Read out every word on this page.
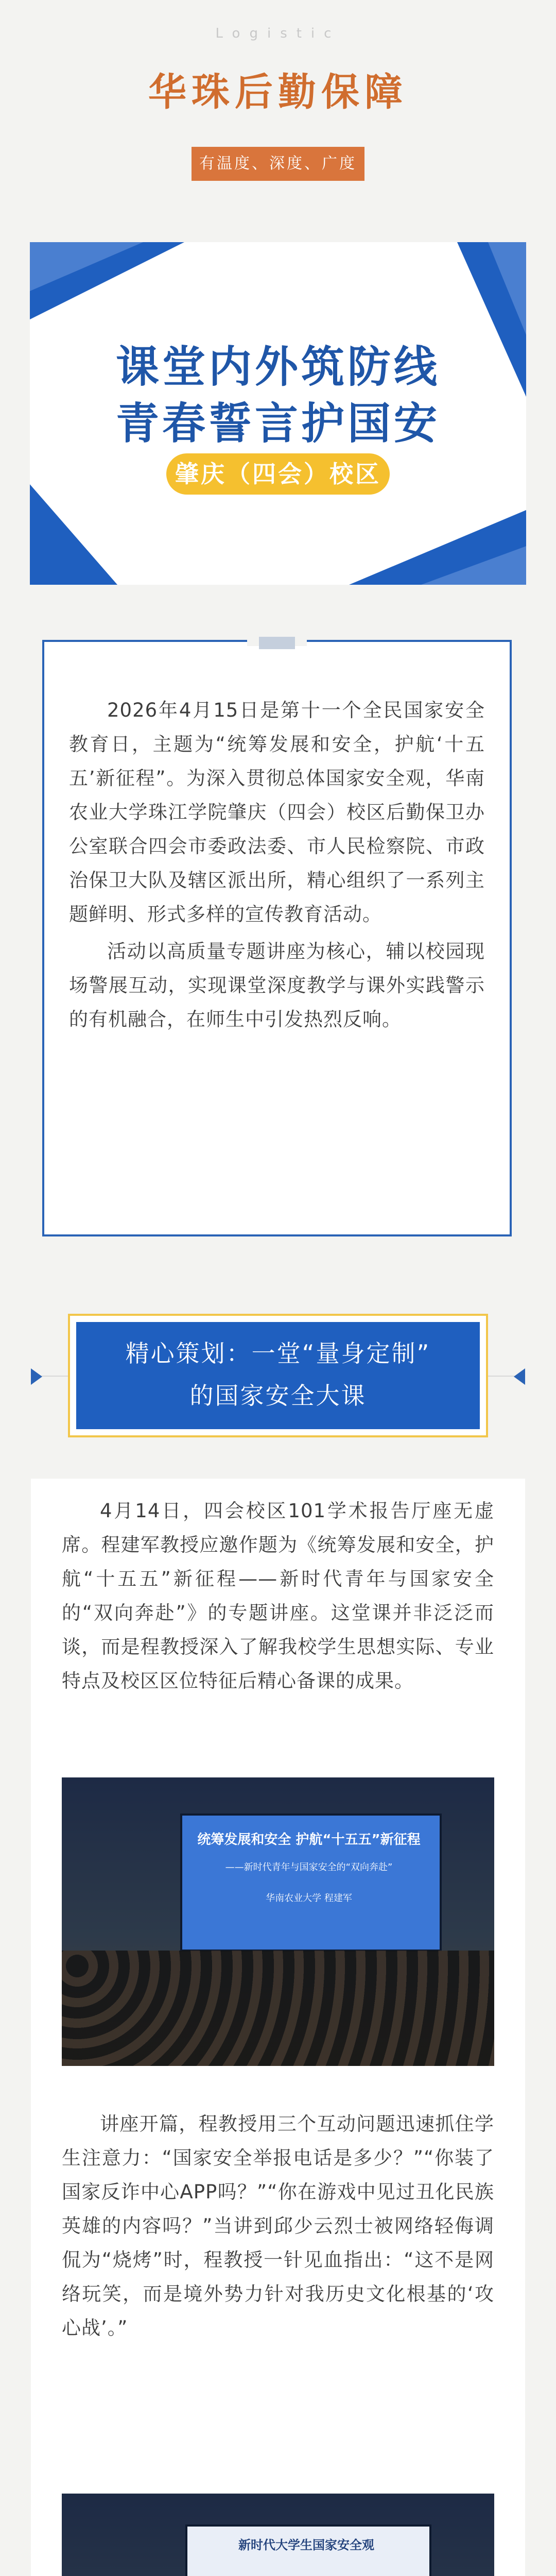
Logistic
华珠后勤保障
有温度、深度、广度
课堂内外筑防线
青春誓言护国安
肇庆（四会）校区

2026年4月15日是第十一个全民国家安全教育日，主题为“统筹发展和安全，护航‘十五五’新征程”。为深入贯彻总体国家安全观，华南农业大学珠江学院肇庆（四会）校区后勤保卫办公室联合四会市委政法委、市人民检察院、市政治保卫大队及辖区派出所，精心组织了一系列主题鲜明、形式多样的宣传教育活动。

活动以高质量专题讲座为核心，辅以校园现场警展互动，实现课堂深度教学与课外实践警示的有机融合，在师生中引发热烈反响。

精心策划：一堂“量身定制”
的国家安全大课

4月14日，四会校区101学术报告厅座无虚席。程建军教授应邀作题为《统筹发展和安全，护航“十五五”新征程——新时代青年与国家安全的“双向奔赴”》的专题讲座。这堂课并非泛泛而谈，而是程教授深入了解我校学生思想实际、专业特点及校区区位特征后精心备课的成果。

统筹发展和安全 护航“十五五”新征程
——新时代青年与国家安全的“双向奔赴”
华南农业大学 程建军

讲座开篇，程教授用三个互动问题迅速抓住学生注意力：“国家安全举报电话是多少？”“你装了国家反诈中心APP吗？”“你在游戏中见过丑化民族英雄的内容吗？”当讲到邱少云烈士被网络轻侮调侃为“烧烤”时，程教授一针见血指出：“这不是网络玩笑，而是境外势力针对我历史文化根基的‘攻心战’。”

新时代大学生国家安全观
